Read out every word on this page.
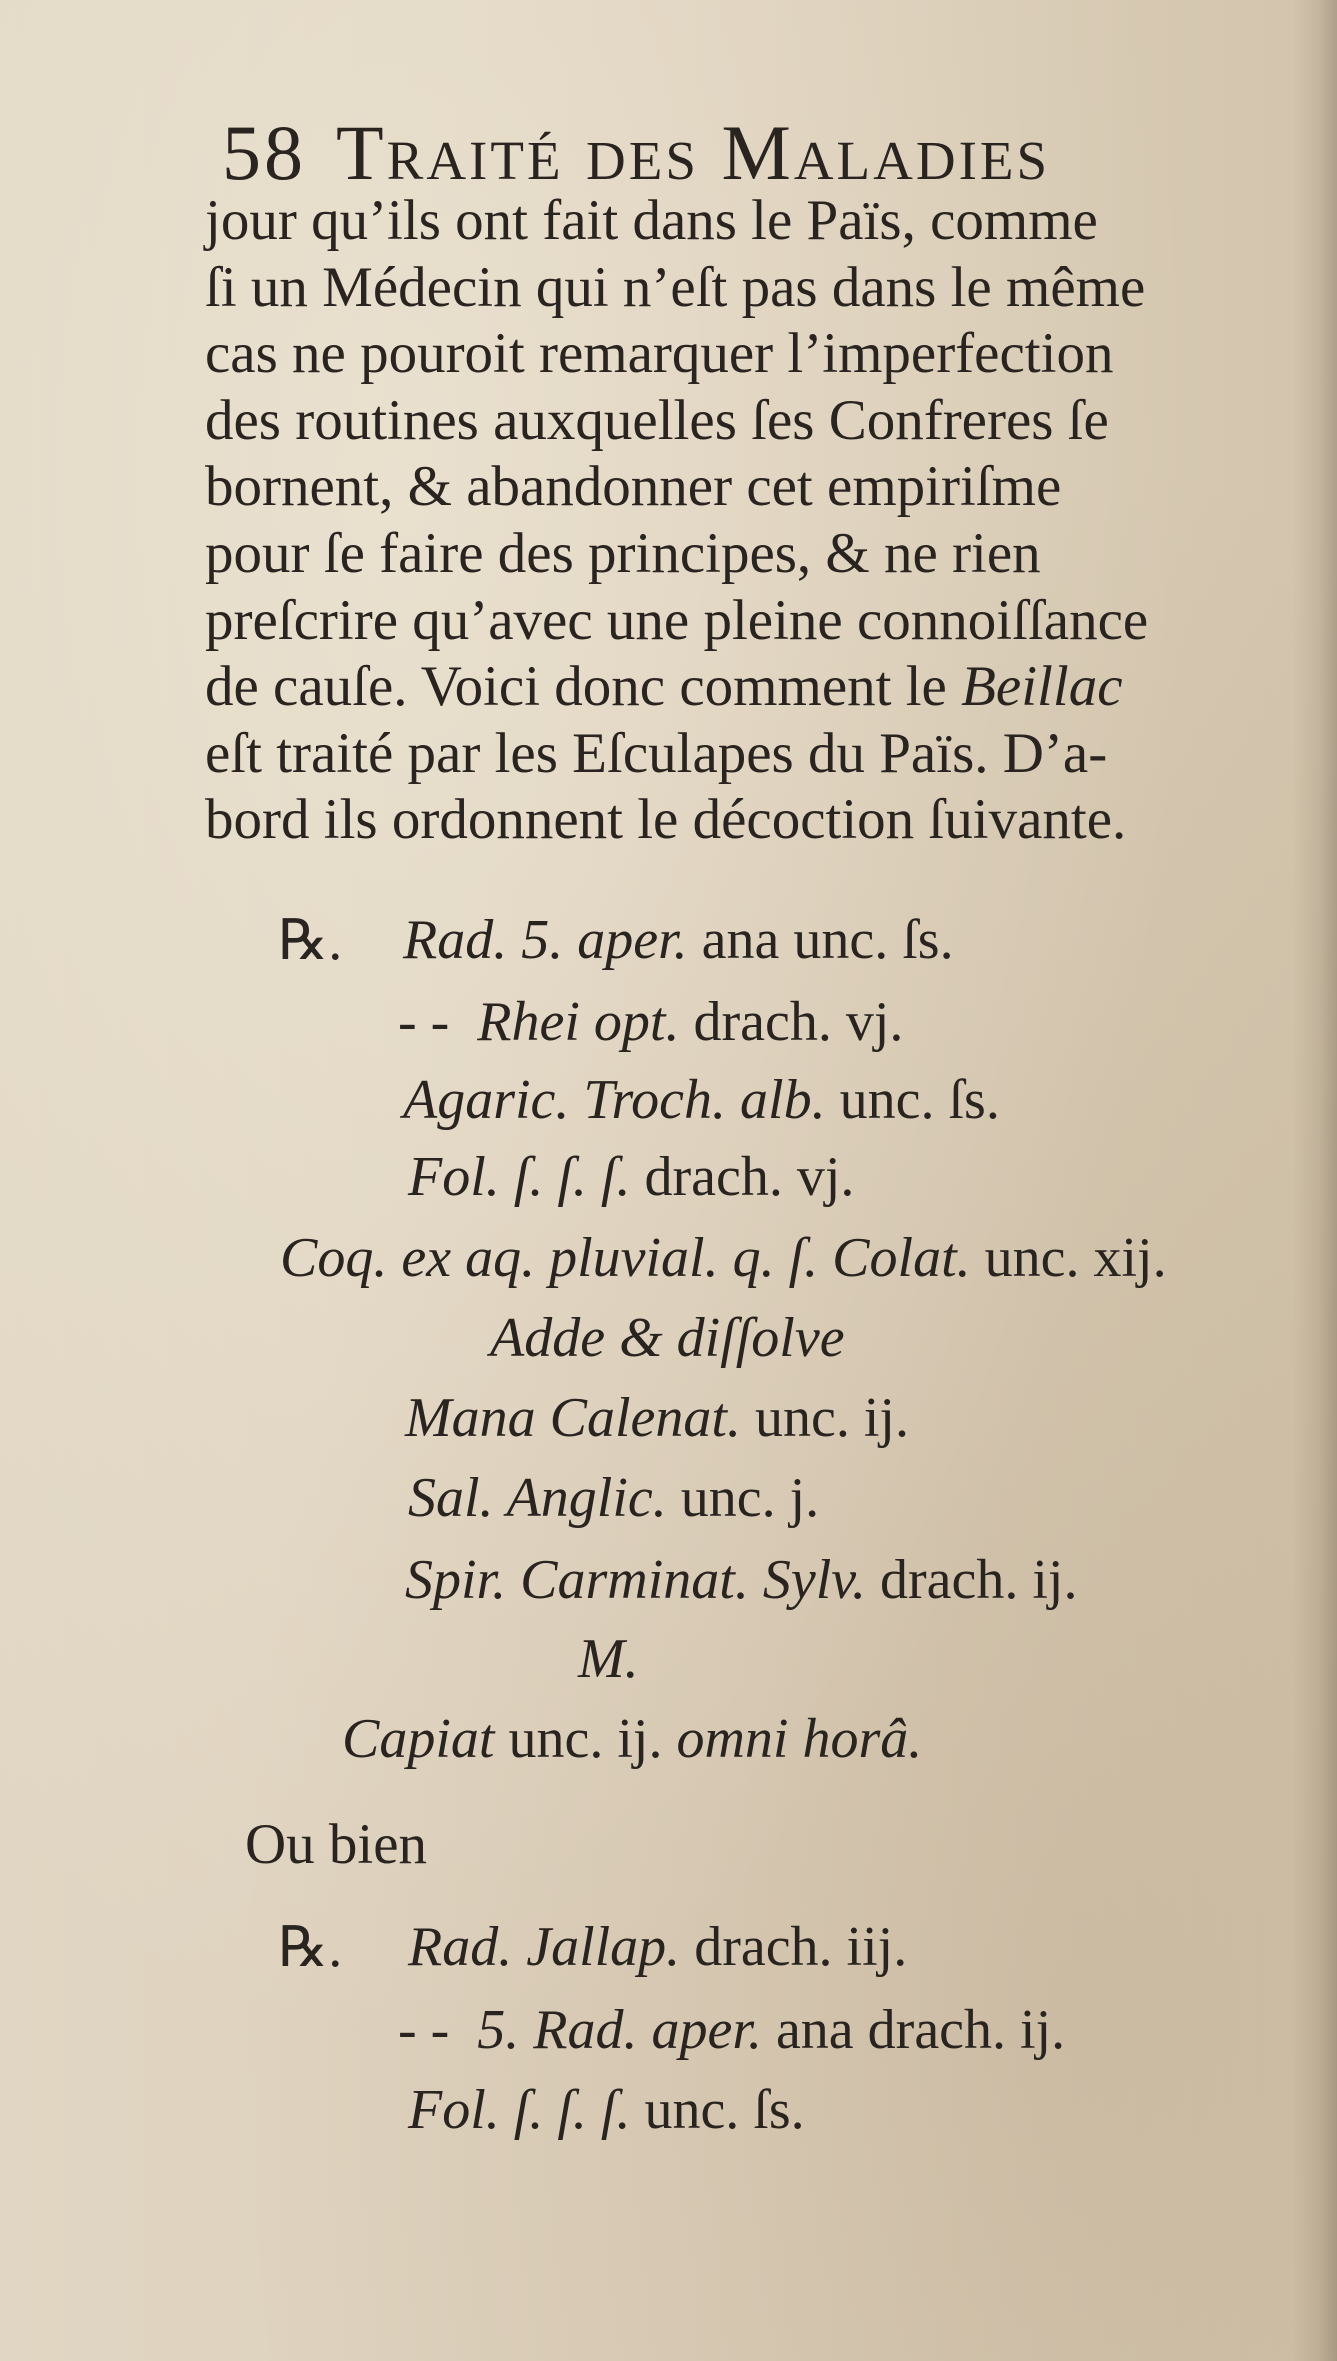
58 Traité des Maladies
jour qu’ils ont fait dans le Païs, comme
ſi un Médecin qui n’eſt pas dans le même
cas ne pouroit remarquer l’imperfection
des routines auxquelles ſes Confreres ſe
bornent, & abandonner cet empiriſme
pour ſe faire des principes, & ne rien
preſcrire qu’avec une pleine connoiſſance
de cauſe. Voici donc comment le Beillac
eſt traité par les Eſculapes du Païs. D’a-
bord ils ordonnent le décoction ſuivante.
℞. Rad. 5. aper. ana unc. ſs.
- - Rhei opt. drach. vj.
Agaric. Troch. alb. unc. ſs.
Fol. ſ. ſ. ſ. drach. vj.
Coq. ex aq. pluvial. q. ſ. Colat. unc. xij.
Adde & diſſolve
Mana Calenat. unc. ij.
Sal. Anglic. unc. j.
Spir. Carminat. Sylv. drach. ij.
M.
Capiat unc. ij. omni horâ.
Ou bien
℞. Rad. Jallap. drach. iij.
- - 5. Rad. aper. ana drach. ij.
Fol. ſ. ſ. ſ. unc. ſs.
